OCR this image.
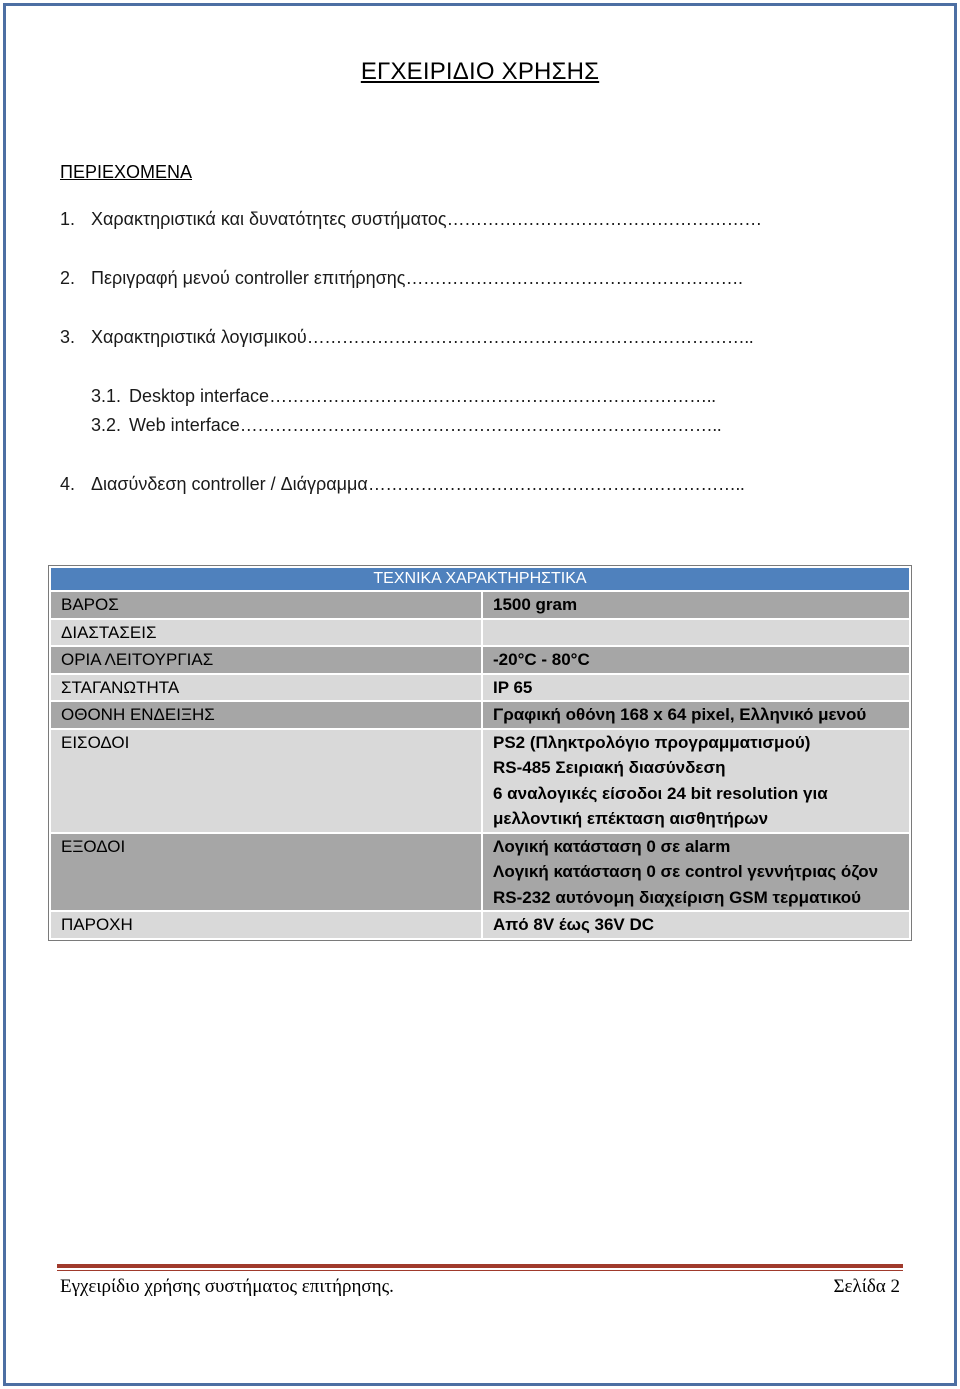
ΕΓΧΕΙΡΙΔΙΟ ΧΡΗΣΗΣ
ΠΕΡΙΕΧΟΜΕΝΑ
1. Χαρακτηριστικά και δυνατότητες συστήματος………………………………………………
2. Περιγραφή μενού controller επιτήρησης………………………………………………….
3. Χαρακτηριστικά λογισμικού…………………………………………………………………..
3.1. Desktop interface…………………………………………………………………..
3.2. Web interface………………………………………………………………………..
4. Διασύνδεση controller / Διάγραμμα………………………………………………………..
ΤΕΧΝΙΚΑ ΧΑΡΑΚΤΗΡΗΣΤΙΚΑ	
ΒΑΡΟΣ	1500 gram
ΔΙΑΣΤΑΣΕΙΣ	
ΟΡΙΑ ΛΕΙΤΟΥΡΓΙΑΣ	-20°C - 80°C
ΣΤΑΓΑΝΩΤΗΤΑ	IP 65
ΟΘΟΝΗ ΕΝΔΕΙΞΗΣ	Γραφική οθόνη 168 x 64 pixel, Ελληνικό μενού
ΕΙΣΟΔΟΙ	PS2 (Πληκτρολόγιο προγραμματισμού)
RS-485 Σειριακή διασύνδεση
6 αναλογικές είσοδοι 24 bit resolution για μελλοντική επέκταση αισθητήρων

ΕΞΟΔΟΙ	Λογική κατάσταση 0 σε alarm
Λογική κατάσταση 0 σε control γεννήτριας όζον
RS-232 αυτόνομη διαχείριση GSM τερματικού

ΠΑΡΟΧΗ	Από 8V έως 36V DC
Εγχειρίδιο χρήσης συστήματος επιτήρησης.	Σελίδα 2
